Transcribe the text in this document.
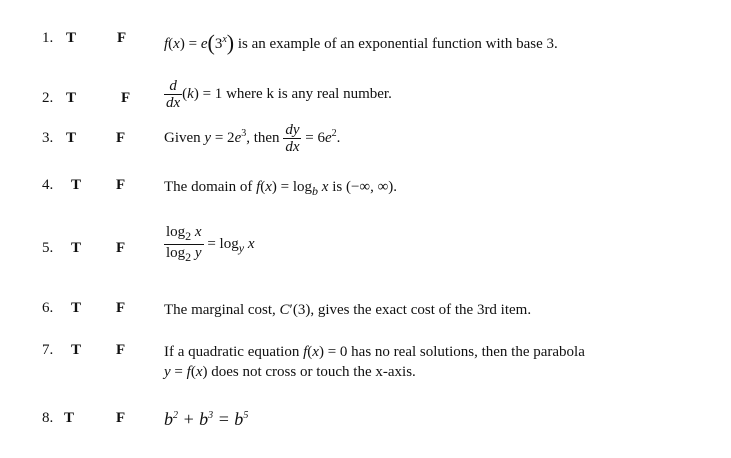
1. T	F	$f(x) = e(3^x)$ is an example of an exponential function with base 3.
2. T	F $\frac{d}{dx} (k) = 1$ where k is any real number.
3. T	F	Given $y = 2e^3$, then $\frac{dy}{dx} = 6e^2$.
4. T F	The domain of $f(x) = \log_b x$ is (−∞, ∞).
5. T F	$\frac{\log_2 x}{\log_2 y} = \log_y x$
6. T F	The marginal cost, C′(3), gives the exact cost of the 3rd item.
7. T F	If a quadratic equation f(x) = 0 has no real solutions, then the parabola
y = f(x) does not cross or touch the x-axis.
8. T	F $b^2 + b^3 = b^5$
